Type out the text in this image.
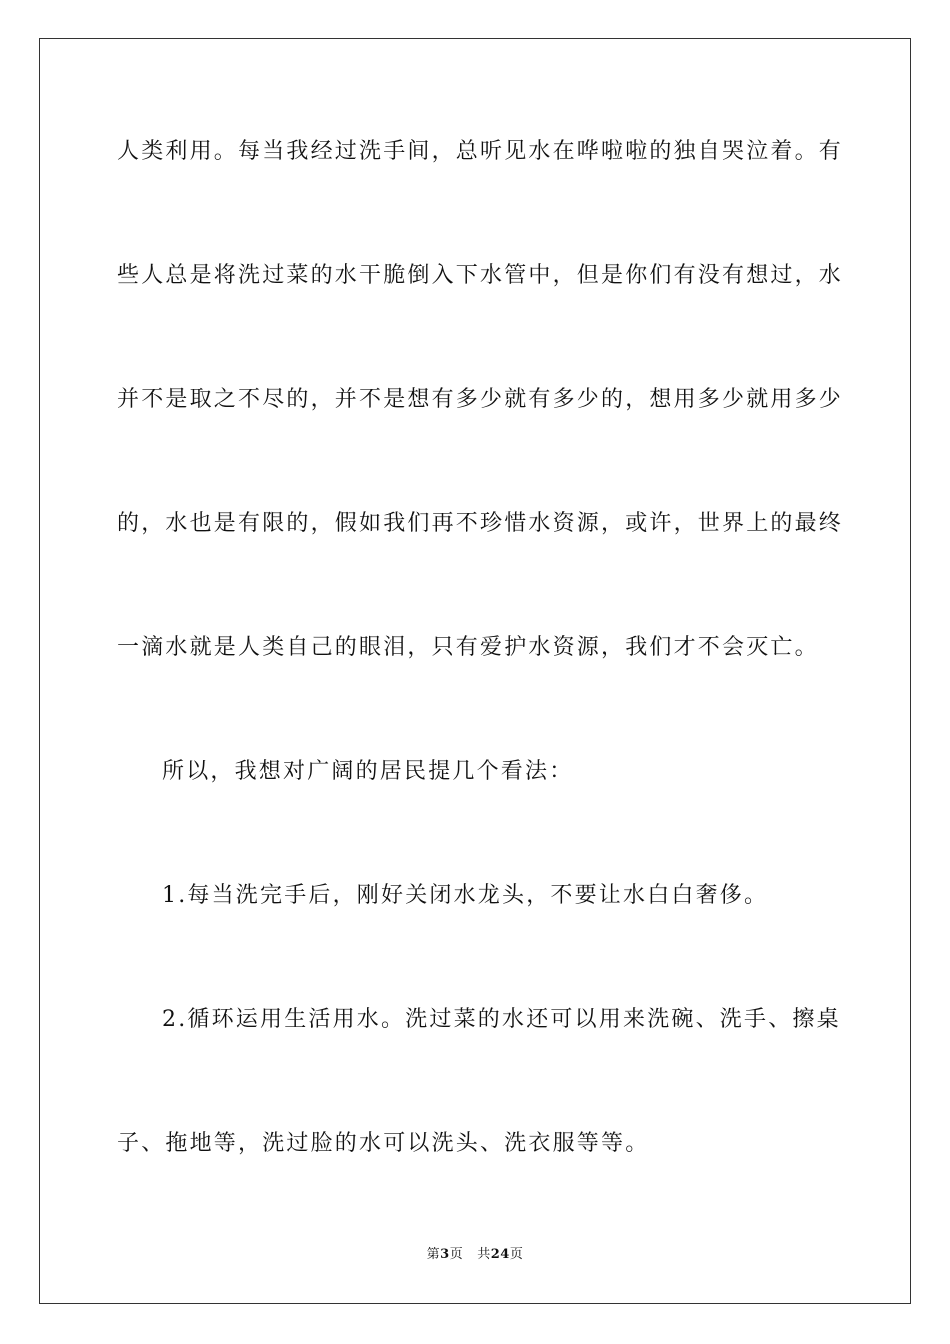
人类利用。每当我经过洗手间，总听见水在哗啦啦的独自哭泣着。有
些人总是将洗过菜的水干脆倒入下水管中，但是你们有没有想过，水
并不是取之不尽的，并不是想有多少就有多少的，想用多少就用多少
的，水也是有限的，假如我们再不珍惜水资源，或许，世界上的最终
一滴水就是人类自己的眼泪，只有爱护水资源，我们才不会灭亡。
所以，我想对广阔的居民提几个看法：
1.每当洗完手后，刚好关闭水龙头，不要让水白白奢侈。
2.循环运用生活用水。洗过菜的水还可以用来洗碗、洗手、擦桌
子、拖地等，洗过脸的水可以洗头、洗衣服等等。
第3页 共24页
